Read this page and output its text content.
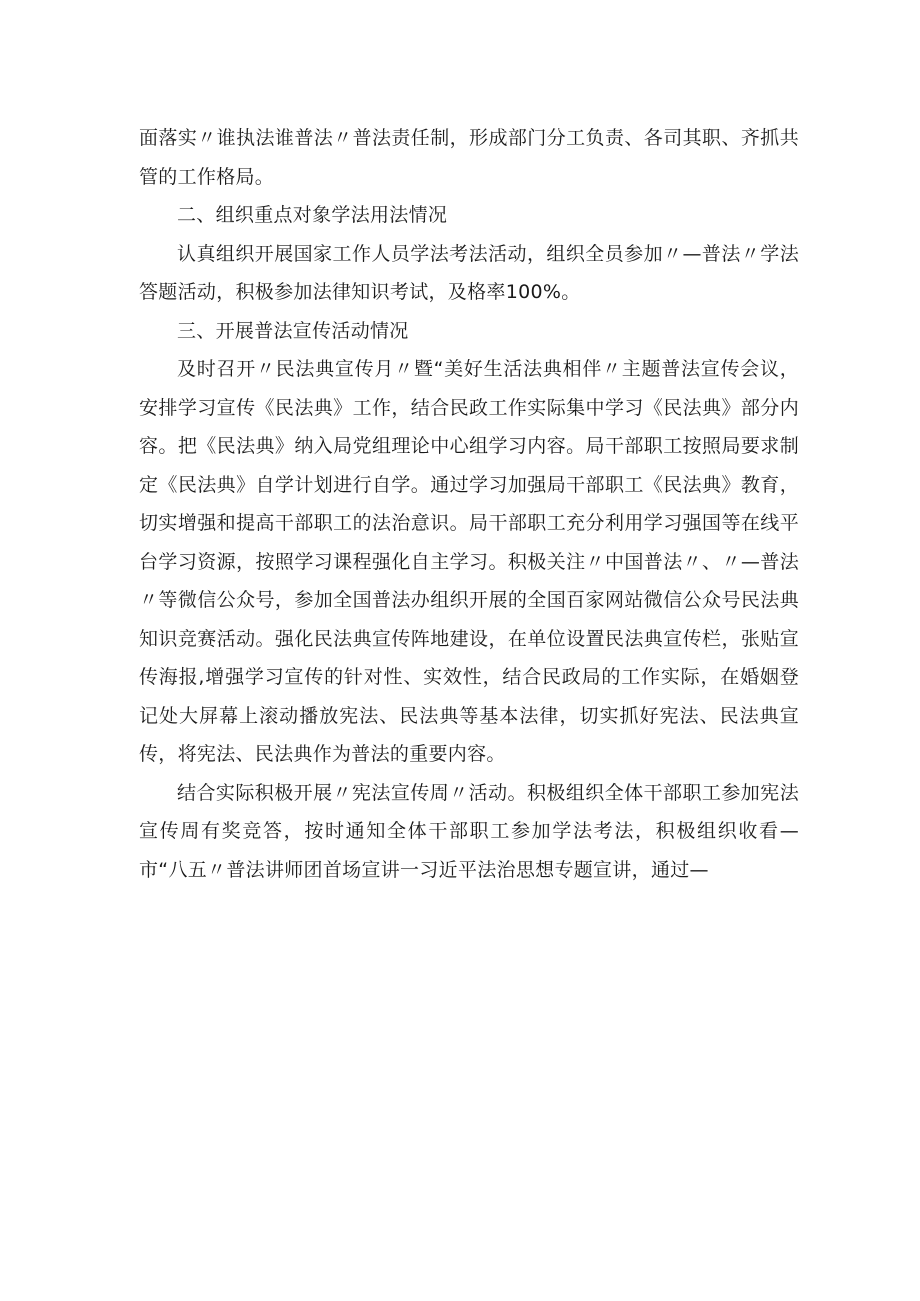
面落实〃谁执法谁普法〃普法责任制，形成部门分工负责、各司其职、齐抓共管的工作格局。

二、组织重点对象学法用法情况

认真组织开展国家工作人员学法考法活动，组织全员参加〃—普法〃学法答题活动，积极参加法律知识考试，及格率100%。

三、开展普法宣传活动情况

及时召开〃民法典宣传月〃暨“美好生活法典相伴〃主题普法宣传会议，安排学习宣传《民法典》工作，结合民政工作实际集中学习《民法典》部分内容。把《民法典》纳入局党组理论中心组学习内容。局干部职工按照局要求制定《民法典》自学计划进行自学。通过学习加强局干部职工《民法典》教育，切实增强和提高干部职工的法治意识。局干部职工充分利用学习强国等在线平台学习资源，按照学习课程强化自主学习。积极关注〃中国普法〃、〃—普法〃等微信公众号，参加全国普法办组织开展的全国百家网站微信公众号民法典知识竞赛活动。强化民法典宣传阵地建设，在单位设置民法典宣传栏，张贴宣传海报,增强学习宣传的针对性、实效性，结合民政局的工作实际，在婚姻登记处大屏幕上滚动播放宪法、民法典等基本法律，切实抓好宪法、民法典宣传，将宪法、民法典作为普法的重要内容。

结合实际积极开展〃宪法宣传周〃活动。积极组织全体干部职工参加宪法宣传周有奖竞答，按时通知全体干部职工参加学法考法，积极组织收看—市“八五〃普法讲师团首场宣讲一习近平法治思想专题宣讲，通过—
